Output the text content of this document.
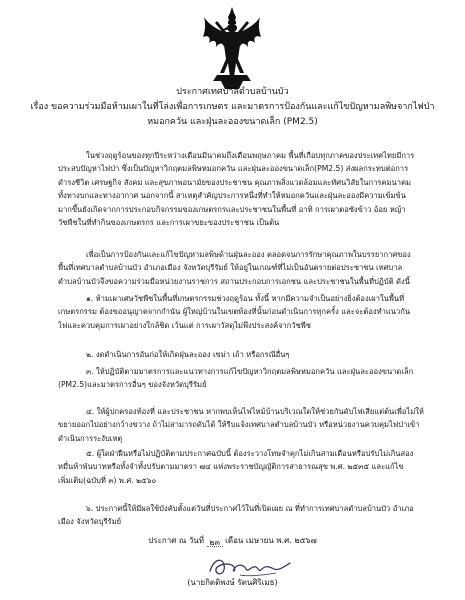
ประกาศเทศบาลตำบลบ้านบัว
เรื่อง ขอความร่วมมือห้ามเผาในที่โล่งเพื่อการเกษตร และมาตรการป้องกันและแก้ไขปัญหามลพิษจากไฟป่า
หมอกควัน และฝุ่นละอองขนาดเล็ก (PM2.5)
ในช่วงฤดูร้อนของทุกปีระหว่างเดือนมีนาคมถึงเดือนพฤษภาคม พื้นที่เกือบทุกภาคของประเทศไทยมีการ
ประสบปัญหาไฟป่า ซึ่งเป็นปัญหาวิกฤตมลพิษหมอกควัน และฝุ่นละอองขนาดเล็ก(PM2.5) ส่งผลกระทบต่อการ
ดำรงชีวิต เศรษฐกิจ สังคม และสุขภาพอนามัยของประชาชน คุณภาพสิ่งแวดล้อมและทัศนวิสัยในการคมนาคม
ทั้งทางบกและทางอากาศ นอกจากนี้ สาเหตุสำคัญประการหนึ่งที่ทำให้หมอกควันและฝุ่นละอองมีความเข้มข้น
มากขึ้นยังเกิดจากการประกอบกิจกรรมของเกษตรกรและประชาชนในพื้นที่ อาทิ การเผาตอซังข้าว อ้อย หญ้า
วัชพืชในที่ทำกินของเกษตรกร และการเผาขยะของประชาชน เป็นต้น
เพื่อเป็นการป้องกันและแก้ไขปัญหามลพิษด้านฝุ่นละออง ตลอดจนการรักษาคุณภาพในบรรยากาศของ
พื้นที่เทศบาลตำบลบ้านบัว อำเภอเมือง จังหวัดบุรีรัมย์ ให้อยู่ในเกณฑ์ที่ไม่เป็นอันตรายต่อประชาชน เทศบาล
ตำบลบ้านบัวจึงขอความร่วมมือหน่วยงานราชการ สถานประกอบการเอกชน และประชาชนในพื้นที่ปฏิบัติ ดังนี้
๑. ห้ามเผาเศษวัชพืชในพื้นที่เกษตรกรรมช่วงฤดูร้อน ทั้งนี้ หากมีความจำเป็นอย่างยิ่งต้องเผาในพื้นที่
เกษตรกรรม ต้องขออนุญาตจากกำนัน ผู้ใหญ่บ้านในเขตท้องที่นั้นก่อนดำเนินการทุกครั้ง และจะต้องทำแนวกัน
ไฟและควบคุมการเผาอย่างใกล้ชิด เว้นแต่ การเผาวัสดุไม่พึงประสงค์จากวัชพืช
๒. งดดำเนินการอันก่อให้เกิดฝุ่นละออง เขม่า เถ้า หรือกรณีอื่นๆ
๓. ให้ปฏิบัติตามมาตรการและแนวทางการแก้ไขปัญหาวิกฤตมลพิษหมอกควัน และฝุ่นละอองขนาดเล็ก
(PM2.5)และมาตรการอื่นๆ ของจังหวัดบุรีรัมย์
๔. ให้ผู้ปกครองท้องที่ และประชาชน หากพบเห็นไฟไหม้บ้านบริเวณใดให้ช่วยกันดับไฟเสียแต่ต้นเพื่อไม่ให้
ขยายออกไปอย่างกว้างขวาง ถ้าไม่สามารถดับได้ ให้รีบแจ้งเทศบาลตำบลบ้านบัว หรือหน่วยงานควบคุมไฟป่าเข้า
ดำเนินการระงับเหตุ
๕. ผู้ใดฝ่าฝืนหรือไม่ปฏิบัติตามประกาศฉบับนี้ ต้องระวางโทษจำคุกไม่เกินสามเดือนหรือปรับไม่เกินสอง
หมื่นห้าพันบาทหรือทั้งจำทั้งปรับตามมาตรา ๗๔ แห่งพระราชบัญญัติการสาธารณสุข พ.ศ. ๒๕๓๕ และแก้ไข
เพิ่มเติม(ฉบับที่ ๓) พ.ศ. ๒๕๖๐
๖. ประกาศนี้ให้มีผลใช้บังคับตั้งแต่วันที่ประกาศไว้ในที่เปิดเผย ณ ที่ทำการเทศบาลตำบลบ้านบัว อำเภอ
เมือง จังหวัดบุรีรัมย์
ประกาศ ณ วันที่ ๒๓ เดือน เมษายน พ.ศ. ๒๕๖๗
(นายกิตติพงษ์ รัตนศิริเมธ)
